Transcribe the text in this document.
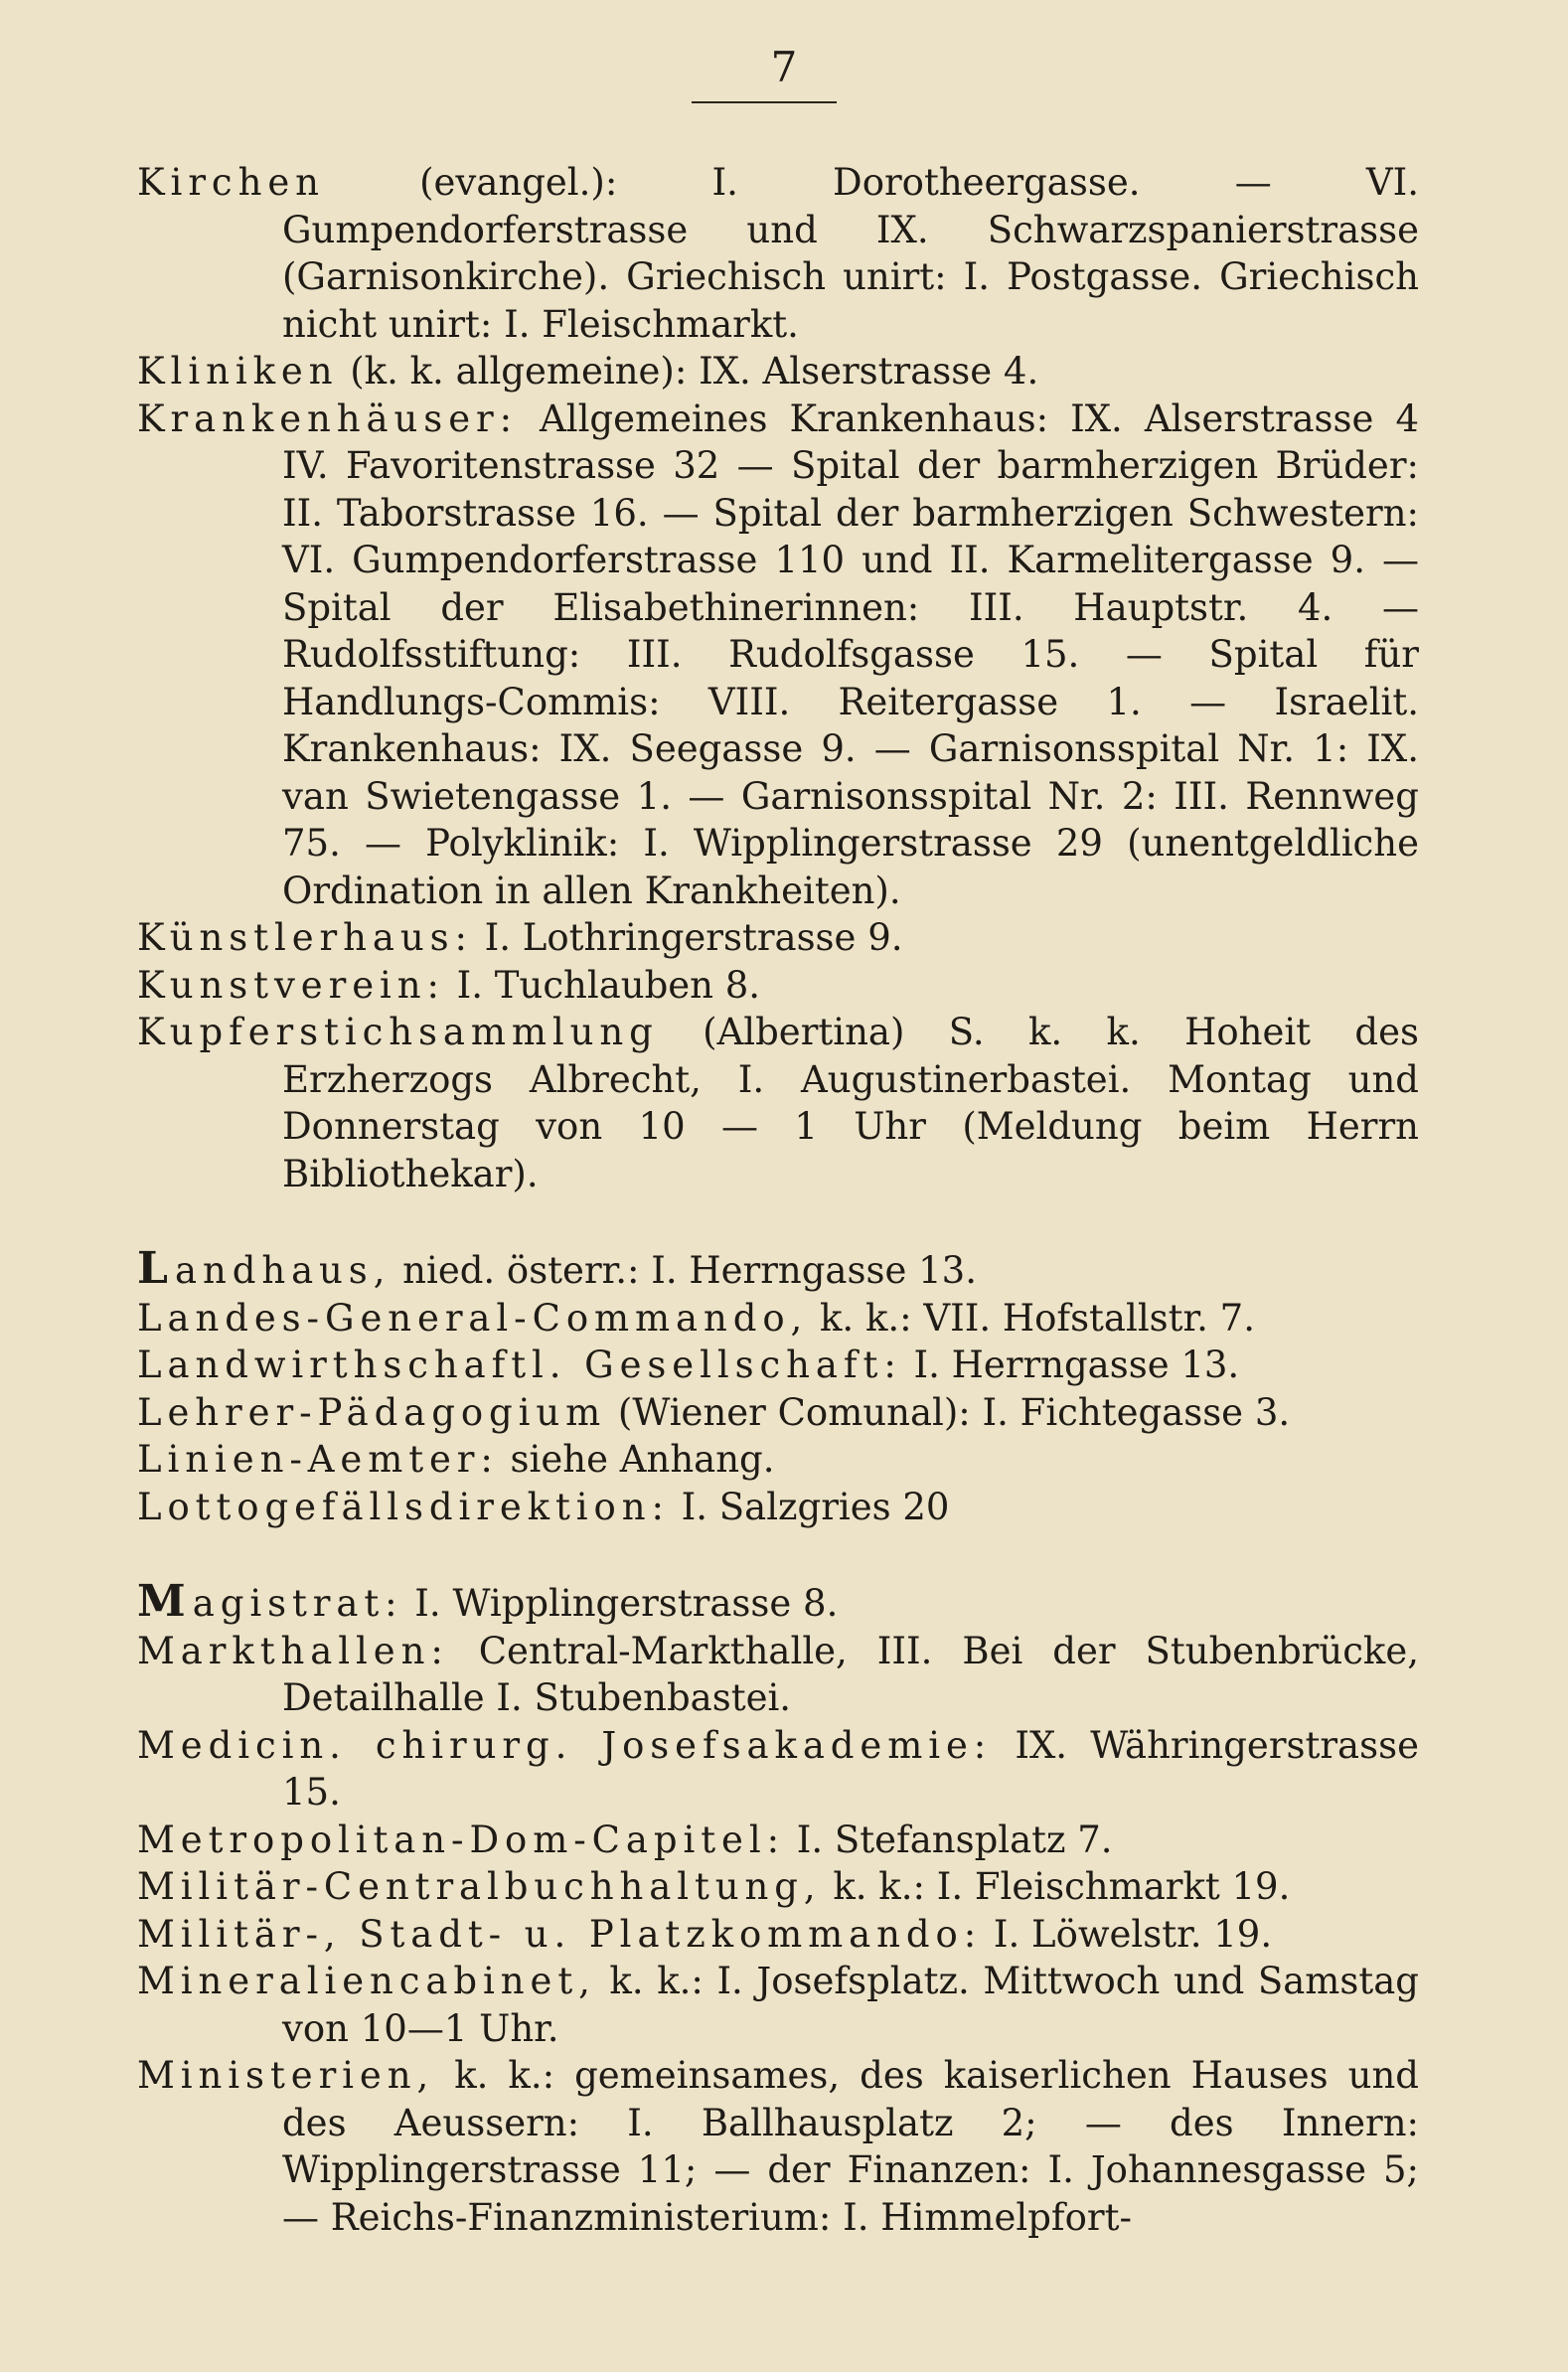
7

Kirchen (evangel.): I. Dorotheergasse. — VI. Gumpendorferstrasse und IX. Schwarzspanierstrasse (Garnisonkirche). Griechisch unirt: I. Postgasse. Griechisch nicht unirt: I. Fleischmarkt.

Kliniken (k. k. allgemeine): IX. Alserstrasse 4.

Krankenhäuser: Allgemeines Krankenhaus: IX. Alserstrasse 4 IV. Favoritenstrasse 32 — Spital der barmherzigen Brüder: II. Taborstrasse 16. — Spital der barmherzigen Schwestern: VI. Gumpendorferstrasse 110 und II. Karmelitergasse 9. — Spital der Elisabethinerinnen: III. Hauptstr. 4. — Rudolfsstiftung: III. Rudolfsgasse 15. — Spital für Handlungs-Commis: VIII. Reitergasse 1. — Israelit. Krankenhaus: IX. Seegasse 9. — Garnisonsspital Nr. 1: IX. van Swietengasse 1. — Garnisonsspital Nr. 2: III. Rennweg 75. — Polyklinik: I. Wipplingerstrasse 29 (unentgeldliche Ordination in allen Krankheiten).

Künstlerhaus: I. Lothringerstrasse 9.

Kunstverein: I. Tuchlauben 8.

Kupferstichsammlung (Albertina) S. k. k. Hoheit des Erzherzogs Albrecht, I. Augustinerbastei. Montag und Donnerstag von 10 — 1 Uhr (Meldung beim Herrn Bibliothekar).

Landhaus, nied. österr.: I. Herrngasse 13.

Landes-General-Commando, k. k.: VII. Hofstallstr. 7.

Landwirthschaftl. Gesellschaft: I. Herrngasse 13.

Lehrer-Pädagogium (Wiener Comunal): I. Fichtegasse 3.

Linien-Aemter: siehe Anhang.

Lottogefällsdirektion: I. Salzgries 20

Magistrat: I. Wipplingerstrasse 8.

Markthallen: Central-Markthalle, III. Bei der Stubenbrücke, Detailhalle I. Stubenbastei.

Medicin. chirurg. Josefsakademie: IX. Währingerstrasse 15.

Metropolitan-Dom-Capitel: I. Stefansplatz 7.

Militär-Centralbuchhaltung, k. k.: I. Fleischmarkt 19.

Militär-, Stadt- u. Platzkommando: I. Löwelstr. 19.

Mineraliencabinet, k. k.: I. Josefsplatz. Mittwoch und Samstag von 10—1 Uhr.

Ministerien, k. k.: gemeinsames, des kaiserlichen Hauses und des Aeussern: I. Ballhausplatz 2; — des Innern: Wipplingerstrasse 11; — der Finanzen: I. Johannesgasse 5; — Reichs-Finanzministerium: I. Himmelpfort-
